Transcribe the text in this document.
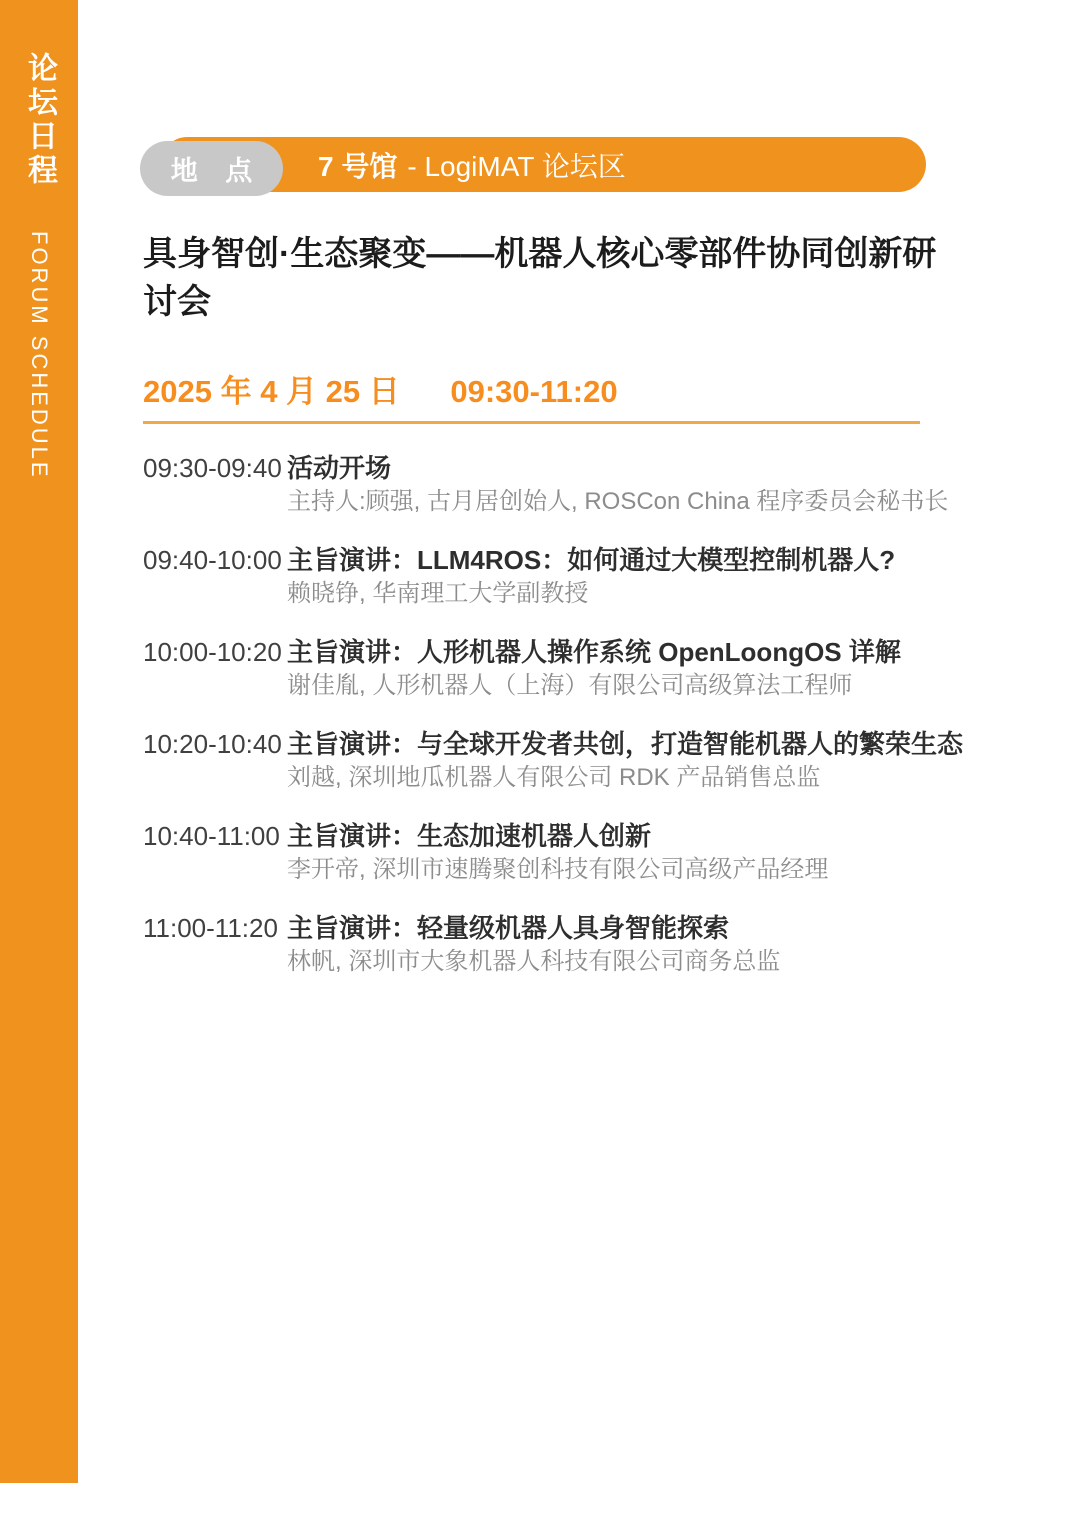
论坛日程
FORUM SCHEDULE
7 号馆 - LogiMAT 论坛区
地 点
具身智创·生态聚变——机器人核心零部件协同创新研讨会
2025 年 4 月 25 日 09:30-11:20
09:30-09:40 活动开场
主持人:顾强, 古月居创始人, ROSCon China 程序委员会秘书长
09:40-10:00 主旨演讲：LLM4ROS：如何通过大模型控制机器人?
赖晓铮, 华南理工大学副教授
10:00-10:20 主旨演讲：人形机器人操作系统 OpenLoongOS 详解
谢佳胤, 人形机器人（上海）有限公司高级算法工程师
10:20-10:40 主旨演讲：与全球开发者共创，打造智能机器人的繁荣生态
刘越, 深圳地瓜机器人有限公司 RDK 产品销售总监
10:40-11:00 主旨演讲：生态加速机器人创新
李开帝, 深圳市速腾聚创科技有限公司高级产品经理
11:00-11:20 主旨演讲：轻量级机器人具身智能探索
林帆, 深圳市大象机器人科技有限公司商务总监
